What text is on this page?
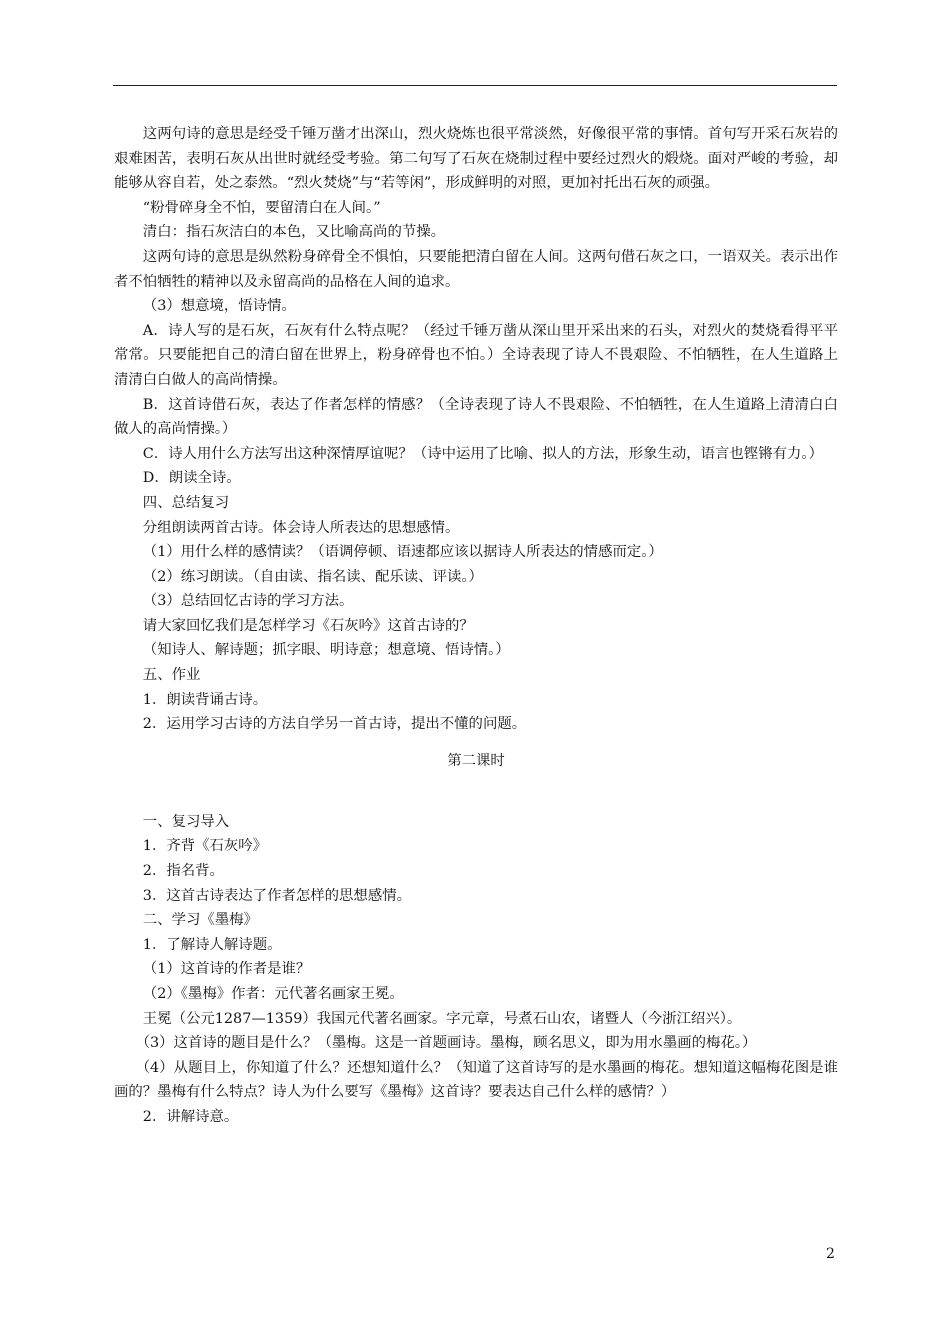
这两句诗的意思是经受千锤万凿才出深山，烈火烧炼也很平常淡然，好像很平常的事情。首句写开采石灰岩的艰难困苦，表明石灰从出世时就经受考验。第二句写了石灰在烧制过程中要经过烈火的煅烧。面对严峻的考验，却能够从容自若，处之泰然。“烈火焚烧”与“若等闲”，形成鲜明的对照，更加衬托出石灰的顽强。

“粉骨碎身全不怕，要留清白在人间。”

清白：指石灰洁白的本色，又比喻高尚的节操。

这两句诗的意思是纵然粉身碎骨全不惧怕，只要能把清白留在人间。这两句借石灰之口，一语双关。表示出作者不怕牺牲的精神以及永留高尚的品格在人间的追求。

（3）想意境，悟诗情。

A．诗人写的是石灰，石灰有什么特点呢？（经过千锤万凿从深山里开采出来的石头，对烈火的焚烧看得平平常常。只要能把自己的清白留在世界上，粉身碎骨也不怕。）全诗表现了诗人不畏艰险、不怕牺牲，在人生道路上清清白白做人的高尚情操。

B．这首诗借石灰，表达了作者怎样的情感？（全诗表现了诗人不畏艰险、不怕牺牲，在人生道路上清清白白做人的高尚情操。）

C．诗人用什么方法写出这种深情厚谊呢？（诗中运用了比喻、拟人的方法，形象生动，语言也铿锵有力。）

D．朗读全诗。

四、总结复习

分组朗读两首古诗。体会诗人所表达的思想感情。

（1）用什么样的感情读？（语调停顿、语速都应该以据诗人所表达的情感而定。）

（2）练习朗读。（自由读、指名读、配乐读、评读。）

（3）总结回忆古诗的学习方法。

请大家回忆我们是怎样学习《石灰吟》这首古诗的？

（知诗人、解诗题；抓字眼、明诗意；想意境、悟诗情。）

五、作业

1．朗读背诵古诗。

2．运用学习古诗的方法自学另一首古诗，提出不懂的问题。

第二课时

一、复习导入

1．齐背《石灰吟》

2．指名背。

3．这首古诗表达了作者怎样的思想感情。

二、学习《墨梅》

1．了解诗人解诗题。

（1）这首诗的作者是谁？

（2）《墨梅》作者：元代著名画家王冕。

王冕（公元1287—1359）我国元代著名画家。字元章，号煮石山农，诸暨人（今浙江绍兴）。

（3）这首诗的题目是什么？（墨梅。这是一首题画诗。墨梅，顾名思义，即为用水墨画的梅花。）

（4）从题目上，你知道了什么？还想知道什么？（知道了这首诗写的是水墨画的梅花。想知道这幅梅花图是谁画的？墨梅有什么特点？诗人为什么要写《墨梅》这首诗？要表达自己什么样的感情？）

2．讲解诗意。

2
